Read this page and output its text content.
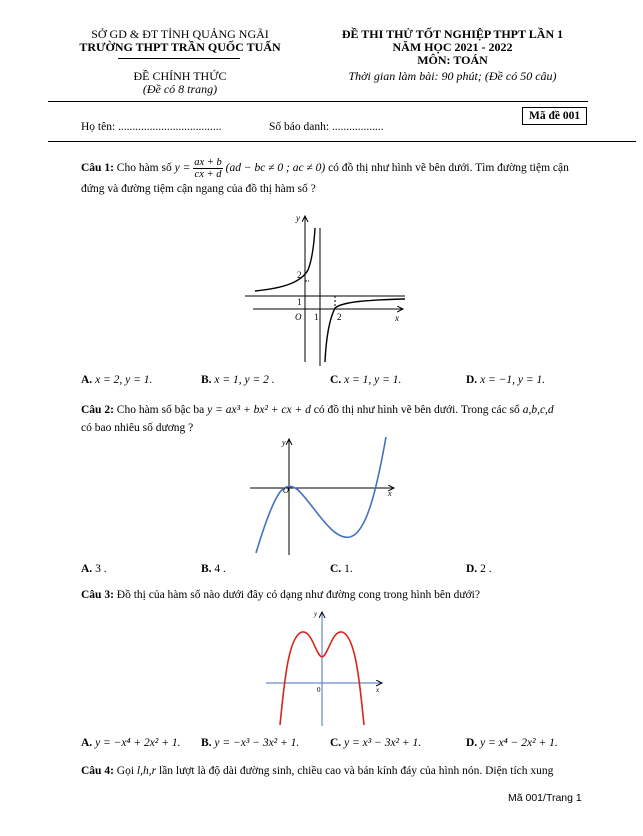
SỞ GD & ĐT TỈNH QUẢNG NGÃI
TRƯỜNG THPT TRẦN QUỐC TUẤN
ĐỀ CHÍNH THỨC
(Đề có 8 trang)
ĐỀ THI THỬ TỐT NGHIỆP THPT LẦN 1
NĂM HỌC 2021 - 2022
MÔN: TOÁN
Thời gian làm bài: 90 phút; (Đề có 50 câu)
Họ tên: ....................................	Số báo danh: ..................
Mã đề 001
Câu 1: Cho hàm số $y = \frac{ax + b}{cx + d} (ad$ − bc ≠ 0 ; ac ≠ 0) có đồ thị như hình vẽ bên dưới. Tìm đường tiệm cận
đứng và đường tiệm cận ngang của đồ thị hàm số ?
y
x
O
2
1
1 2
A. x = 2, y = 1.	B. x = 1, y = 2 .	C. x = 1, y = 1.	D. x = −1, y = 1.
Câu 2: Cho hàm số bậc ba y = ax³ + bx² + cx + d có đồ thị như hình vẽ bên dưới. Trong các số a,b,c,d
có bao nhiêu số dương ?
y
x
O
A. 3 .	B. 4 .	C. 1.	D. 2 .
Câu 3: Đồ thị của hàm số nào dưới đây có dạng như đường cong trong hình bên dưới?
y
x
0
A. y = −x⁴ + 2x² + 1. B. y = −x³ − 3x² + 1.	C. y = x³ − 3x² + 1.	D. y = x⁴ − 2x² + 1.
Câu 4: Gọi l,h,r lần lượt là độ dài đường sinh, chiều cao và bán kính đáy của hình nón. Diện tích xung
Mã 001/Trang 1
